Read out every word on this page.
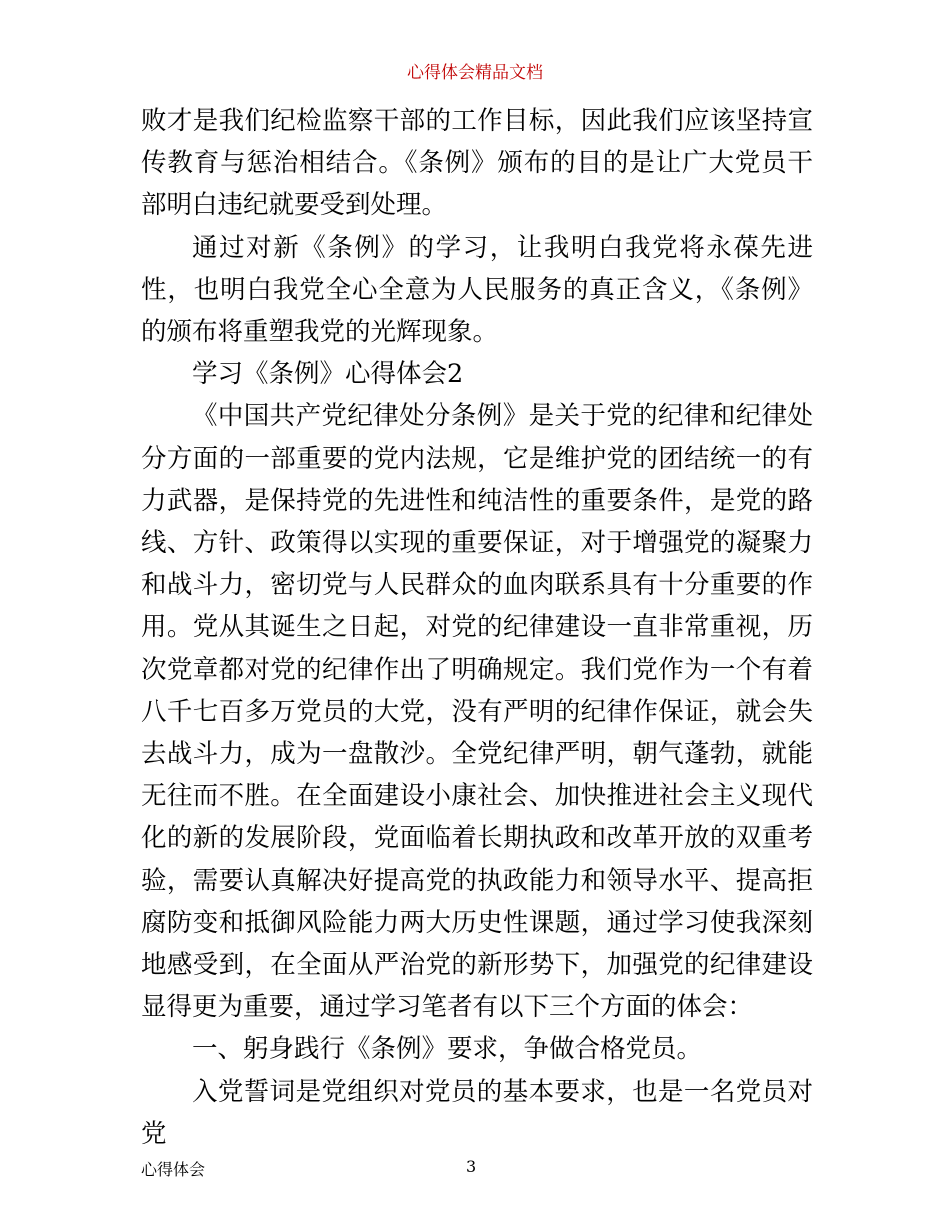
心得体会精品文档

败才是我们纪检监察干部的工作目标，因此我们应该坚持宣传教育与惩治相结合。《条例》颁布的目的是让广大党员干部明白违纪就要受到处理。

通过对新《条例》的学习，让我明白我党将永葆先进性，也明白我党全心全意为人民服务的真正含义，《条例》的颁布将重塑我党的光辉现象。

学习《条例》心得体会2

《中国共产党纪律处分条例》是关于党的纪律和纪律处分方面的一部重要的党内法规，它是维护党的团结统一的有力武器，是保持党的先进性和纯洁性的重要条件，是党的路线、方针、政策得以实现的重要保证，对于增强党的凝聚力和战斗力，密切党与人民群众的血肉联系具有十分重要的作用。党从其诞生之日起，对党的纪律建设一直非常重视，历次党章都对党的纪律作出了明确规定。我们党作为一个有着八千七百多万党员的大党，没有严明的纪律作保证，就会失去战斗力，成为一盘散沙。全党纪律严明，朝气蓬勃，就能无往而不胜。在全面建设小康社会、加快推进社会主义现代化的新的发展阶段，党面临着长期执政和改革开放的双重考验，需要认真解决好提高党的执政能力和领导水平、提高拒腐防变和抵御风险能力两大历史性课题，通过学习使我深刻地感受到，在全面从严治党的新形势下，加强党的纪律建设显得更为重要，通过学习笔者有以下三个方面的体会：

一、躬身践行《条例》要求，争做合格党员。

入党誓词是党组织对党员的基本要求，也是一名党员对党

心得体会	3
